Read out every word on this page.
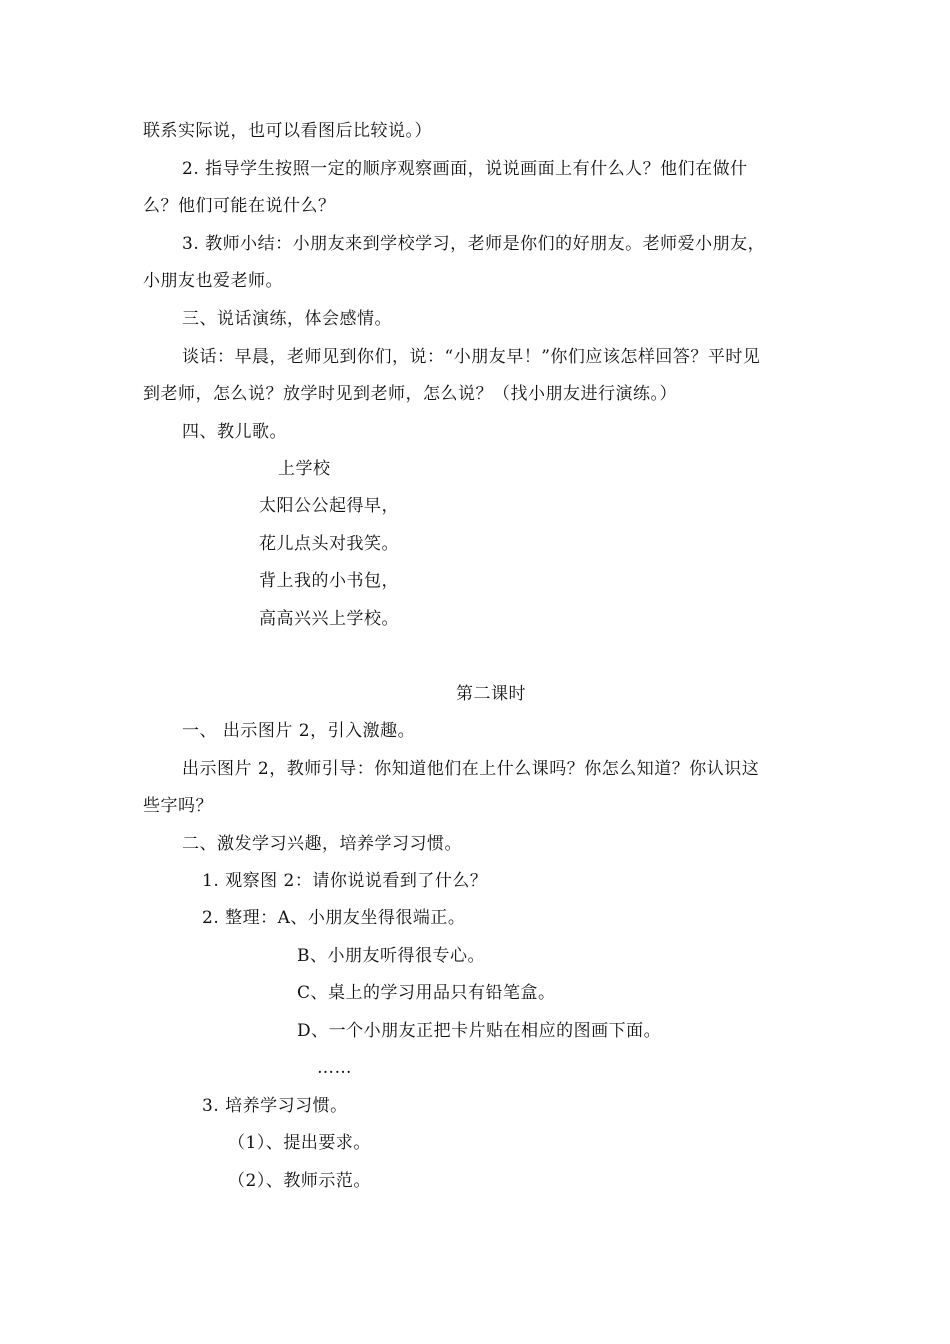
联系实际说，也可以看图后比较说。）
2. 指导学生按照一定的顺序观察画面，说说画面上有什么人？他们在做什
么？他们可能在说什么？
3. 教师小结：小朋友来到学校学习，老师是你们的好朋友。老师爱小朋友，
小朋友也爱老师。
三、说话演练，体会感情。
谈话：早晨，老师见到你们，说：“小朋友早！”你们应该怎样回答？平时见
到老师，怎么说？放学时见到老师，怎么说？（找小朋友进行演练。）
四、教儿歌。
上学校
太阳公公起得早，
花儿点头对我笑。
背上我的小书包，
高高兴兴上学校。
第二课时
一、 出示图片 2，引入激趣。
出示图片 2，教师引导：你知道他们在上什么课吗？你怎么知道？你认识这
些字吗？
二、激发学习兴趣，培养学习习惯。
1. 观察图 2：请你说说看到了什么？
2. 整理：A、小朋友坐得很端正。
B、小朋友听得很专心。
C、桌上的学习用品只有铅笔盒。
D、一个小朋友正把卡片贴在相应的图画下面。
……
3. 培养学习习惯。
（1）、提出要求。
（2）、教师示范。
